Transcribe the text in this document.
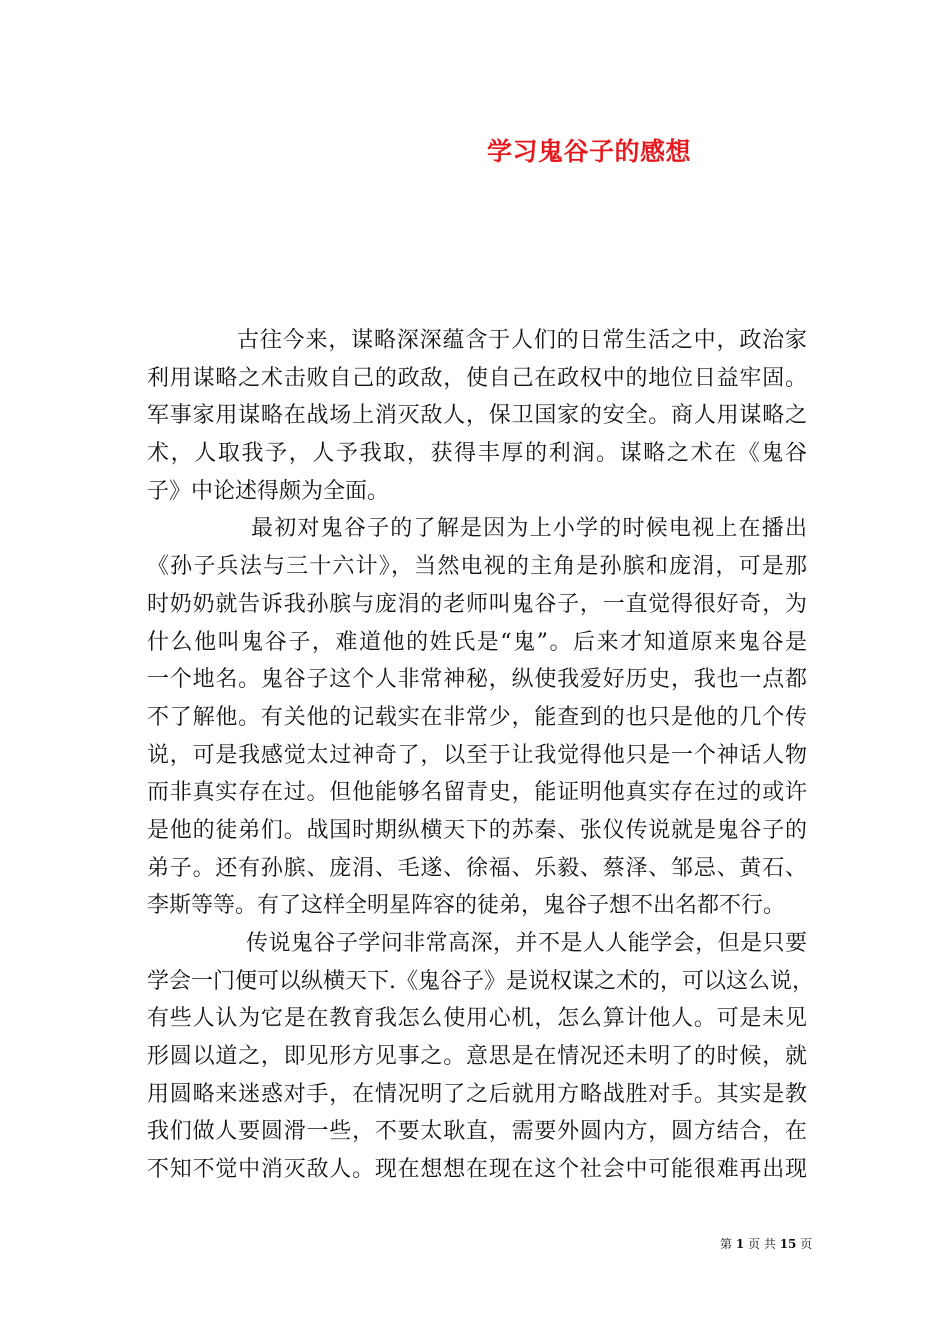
学习鬼谷子的感想
古往今来，谋略深深蕴含于人们的日常生活之中，政治家
利用谋略之术击败自己的政敌，使自己在政权中的地位日益牢固。
军事家用谋略在战场上消灭敌人，保卫国家的安全。商人用谋略之
术，人取我予，人予我取，获得丰厚的利润。谋略之术在《鬼谷
子》中论述得颇为全面。
最初对鬼谷子的了解是因为上小学的时候电视上在播出
《孙子兵法与三十六计》，当然电视的主角是孙膑和庞涓，可是那
时奶奶就告诉我孙膑与庞涓的老师叫鬼谷子，一直觉得很好奇，为
什么他叫鬼谷子，难道他的姓氏是“鬼”。后来才知道原来鬼谷是
一个地名。鬼谷子这个人非常神秘，纵使我爱好历史，我也一点都
不了解他。有关他的记载实在非常少，能查到的也只是他的几个传
说，可是我感觉太过神奇了，以至于让我觉得他只是一个神话人物
而非真实存在过。但他能够名留青史，能证明他真实存在过的或许
是他的徒弟们。战国时期纵横天下的苏秦、张仪传说就是鬼谷子的
弟子。还有孙膑、庞涓、毛遂、徐福、乐毅、蔡泽、邹忌、黄石、
李斯等等。有了这样全明星阵容的徒弟，鬼谷子想不出名都不行。
传说鬼谷子学问非常高深，并不是人人能学会，但是只要
学会一门便可以纵横天下.《鬼谷子》是说权谋之术的，可以这么说，
有些人认为它是在教育我怎么使用心机，怎么算计他人。可是未见
形圆以道之，即见形方见事之。意思是在情况还未明了的时候，就
用圆略来迷惑对手，在情况明了之后就用方略战胜对手。其实是教
我们做人要圆滑一些，不要太耿直，需要外圆内方，圆方结合，在
不知不觉中消灭敌人。现在想想在现在这个社会中可能很难再出现
第 1 页 共 15 页
